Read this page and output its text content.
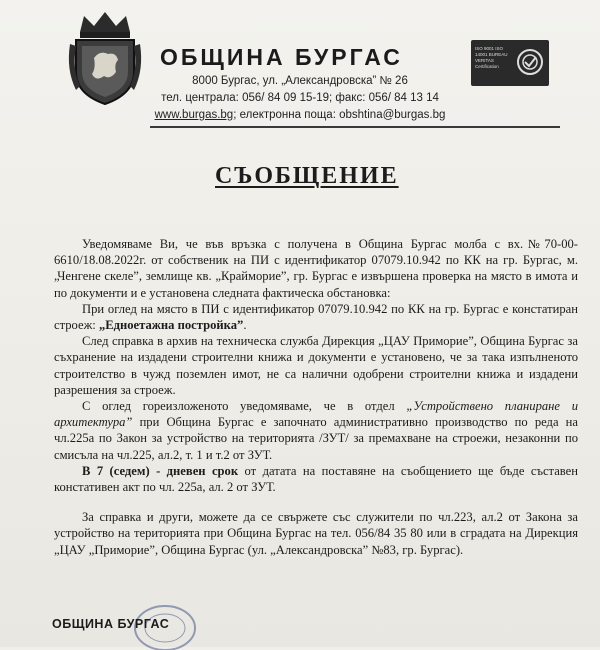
ОБЩИНА БУРГАС
8000 Бургас, ул. „Александровска” № 26
тел. централа: 056/ 84 09 15-19; факс: 056/ 84 13 14
www.burgas.bg; електронна поща: obshtina@burgas.bg
ISO 9001 ISO 14001 BUREAU VERITAS Certification
СЪОБЩЕНИЕ

Уведомяваме Ви, че във връзка с получена в Община Бургас молба с вх.№70-00-6610/18.08.2022г. от собственик на ПИ с идентификатор 07079.10.942 по КК на гр. Бургас, м. „Ченгене скеле”, землище кв. „Крайморие”, гр. Бургас е извършена проверка на място в имота и по документи и е установена следната фактическа обстановка:

При оглед на място в ПИ с идентификатор 07079.10.942 по КК на гр. Бургас е констатиран строеж: „Едноетажна постройка”.

След справка в архив на техническа служба Дирекция „ЦАУ Приморие”, Община Бургас за съхранение на издадени строителни книжа и документи е установено, че за така изпълненото строителство в чужд поземлен имот, не са налични одобрени строителни книжа и издадени разрешения за строеж.

С оглед гореизложеното уведомяваме, че в отдел „Устройствено планиране и архитектура” при Община Бургас е започнато административно производство по реда на чл.225а по Закон за устройство на територията /ЗУТ/ за премахване на строежи, незаконни по смисъла на чл.225, ал.2, т. 1 и т.2 от ЗУТ.

В 7 (седем) - дневен срок от датата на поставяне на съобщението ще бъде съставен констативен акт по чл. 225а, ал. 2 от ЗУТ.

За справка и други, можете да се свържете със служители по чл.223, ал.2 от Закона за устройство на територията при Община Бургас на тел. 056/84 35 80 или в сградата на Дирекция „ЦАУ „Приморие”, Община Бургас (ул. „Александровска” №83, гр. Бургас).

ОБЩИНА БУРГАС
